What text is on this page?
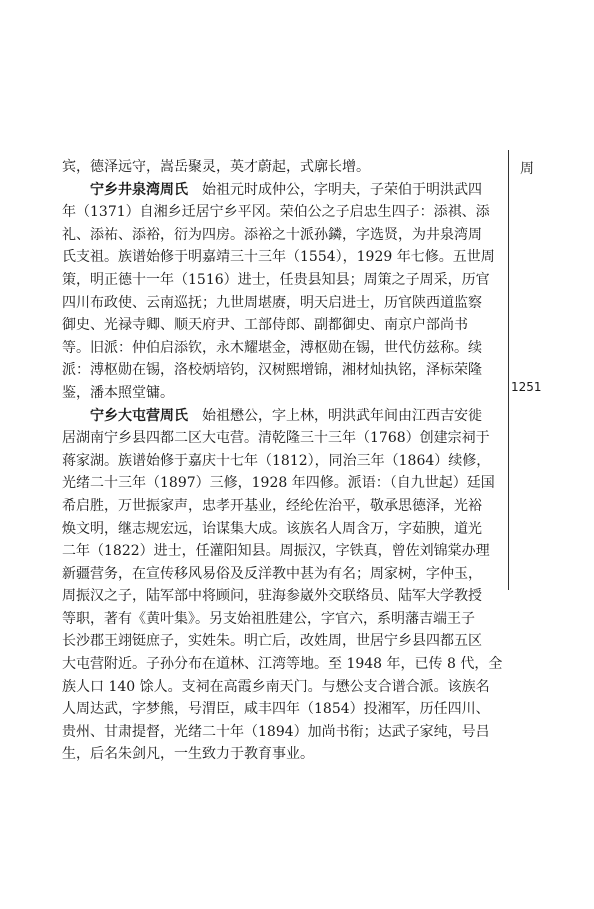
周
1251
宾，德泽远守，嵩岳聚灵，英才蔚起，式廓长增。
宁乡井泉湾周氏　始祖元时成仲公，字明夫，子荣伯于明洪武四
年（1371）自湘乡迁居宁乡平冈。荣伯公之子启忠生四子：添祺、添
礼、添祐、添裕，衍为四房。添裕之十派孙鏻，字选贤，为井泉湾周
氏支祖。族谱始修于明嘉靖三十三年（1554），1929 年七修。五世周
策，明正德十一年（1516）进士，任贵县知县；周策之子周采，历官
四川布政使、云南巡抚；九世周堪赓，明天启进士，历官陕西道监察
御史、光禄寺卿、顺天府尹、工部侍郎、副都御史、南京户部尚书
等。旧派：仲伯启添钦，永木耀堪金，溥枢勋在锡，世代仿兹称。续
派：溥枢勋在锡，洛校炳培钧，汉树熙增锦，湘材灿执铭，泽标荣隆
鉴，潘本照堂镛。
宁乡大屯营周氏　始祖懋公，字上林，明洪武年间由江西吉安徙
居湖南宁乡县四都二区大屯营。清乾隆三十三年（1768）创建宗祠于
蒋家湖。族谱始修于嘉庆十七年（1812），同治三年（1864）续修，
光绪二十三年（1897）三修，1928 年四修。派语：（自九世起）廷国
希启胜，万世振家声，忠孝开基业，经纶佐治平，敬承思德泽，光裕
焕文明，继志规宏远，诒谋集大成。该族名人周含万，字茹腴，道光
二年（1822）进士，任灌阳知县。周振汉，字铁真，曾佐刘锦棠办理
新疆营务，在宣传移风易俗及反洋教中甚为有名；周家树，字仲玉，
周振汉之子，陆军部中将顾问，驻海参崴外交联络员、陆军大学教授
等职，著有《黄叶集》。另支始祖胜建公，字官六，系明藩吉端王子
长沙郡王翊铤庶子，实姓朱。明亡后，改姓周，世居宁乡县四都五区
大屯营附近。子孙分布在道林、江湾等地。至 1948 年，已传 8 代，全
族人口 140 馀人。支祠在高霞乡南天门。与懋公支合谱合派。该族名
人周达武，字梦熊，号渭臣，咸丰四年（1854）投湘军，历任四川、
贵州、甘肃提督，光绪二十年（1894）加尚书衔；达武子家纯，号吕
生，后名朱剑凡，一生致力于教育事业。
